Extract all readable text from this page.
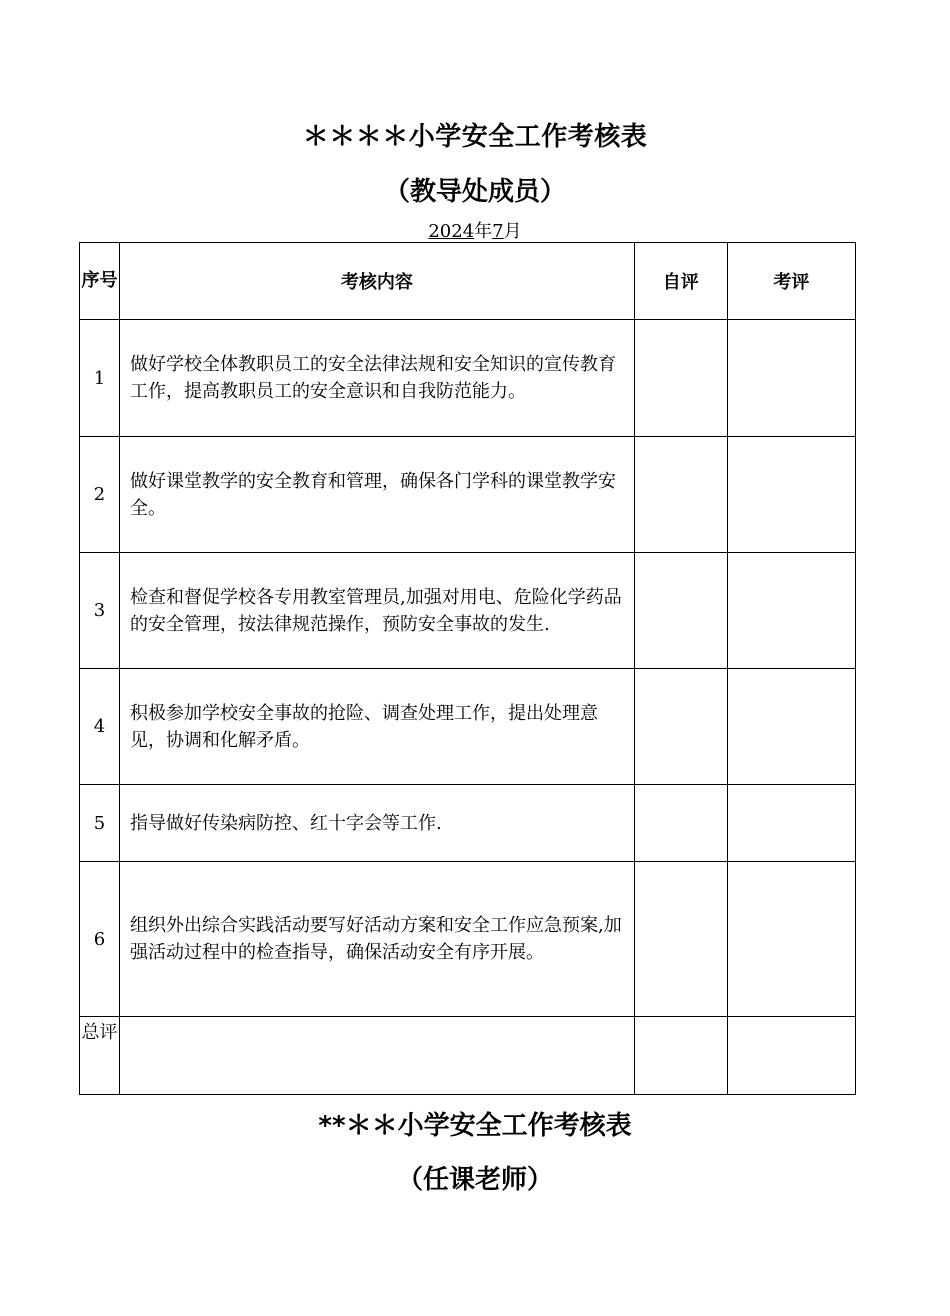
＊＊＊＊小学安全工作考核表
（教导处成员）
2024年7月
序号	考核内容	自评	考评
1	做好学校全体教职员工的安全法律法规和安全知识的宣传教育工作，提高教职员工的安全意识和自我防范能力。		
2	做好课堂教学的安全教育和管理，确保各门学科的课堂教学安全。		
3	检查和督促学校各专用教室管理员,加强对用电、危险化学药品的安全管理，按法律规范操作，预防安全事故的发生.		
4	积极参加学校安全事故的抢险、调查处理工作，提出处理意见，协调和化解矛盾。		
5	指导做好传染病防控、红十字会等工作.		
6	组织外出综合实践活动要写好活动方案和安全工作应急预案,加强活动过程中的检查指导，确保活动安全有序开展。		
总评			
**＊＊小学安全工作考核表
（任课老师）
